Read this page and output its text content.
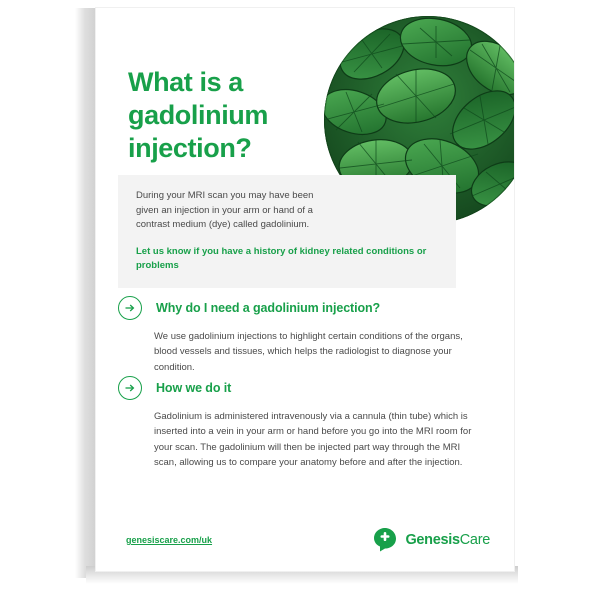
What is a
gadolinium
injection?
During your MRI scan you may have been given an injection in your arm or hand of a contrast medium (dye) called gadolinium.
Let us know if you have a history of kidney related conditions or problems
Why do I need a gadolinium injection?
We use gadolinium injections to highlight certain conditions of the organs, blood vessels and tissues, which helps the radiologist to diagnose your condition.
How we do it
Gadolinium is administered intravenously via a cannula (thin tube) which is inserted into a vein in your arm or hand before you go into the MRI room for your scan. The gadolinium will then be injected part way through the MRI scan, allowing us to compare your anatomy before and after the injection.
genesiscare.com/uk	GenesisCare
